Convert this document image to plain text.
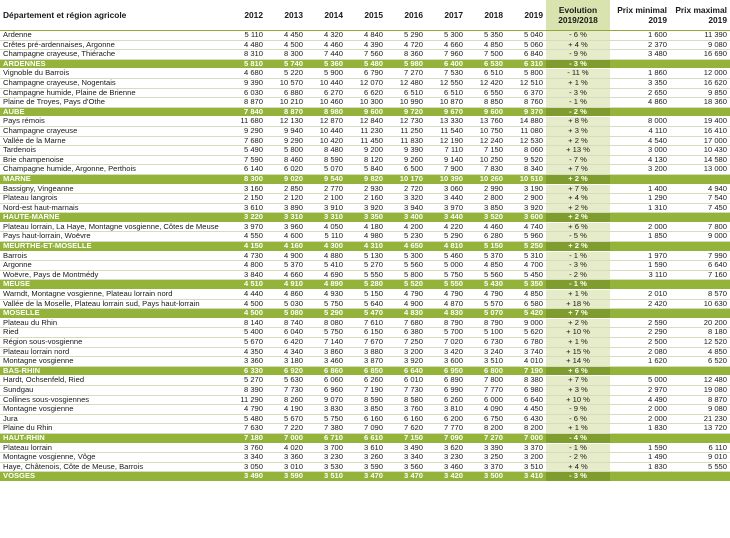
Département et région agricole	2012	2013	2014	2015	2016	2017	2018	2019	Evolution 2019/2018	Prix minimal 2019	Prix maximal 2019
Ardenne	5 110	4 450	4 320	4 840	5 290	5 300	5 350	5 040	- 6 %	1 600	11 390
Crêtes pré-ardennaises, Argonne	4 480	4 500	4 460	4 390	4 720	4 660	4 850	5 060	+ 4 %	2 370	9 080
Champagne crayeuse, Thiérache	8 310	8 300	7 440	7 560	8 360	7 960	7 500	6 840	- 9 %	3 480	16 690
ARDENNES	5 810	5 740	5 360	5 480	5 980	6 400	6 530	6 310	- 3 %		
Vignoble du Barrois	4 680	5 220	5 900	6 790	7 270	7 530	6 510	5 800	- 11 %	1 860	12 000
Champagne crayeuse, Nogentais	9 390	10 570	10 440	12 070	12 480	12 550	12 420	12 510	+ 1 %	3 350	16 620
Champagne humide, Plaine de Brienne	6 030	6 880	6 270	6 620	6 510	6 510	6 550	6 370	- 3 %	2 650	9 850
Plaine de Troyes, Pays d'Othe	8 870	10 210	10 460	10 300	10 990	10 870	8 850	8 760	- 1 %	4 860	18 360
AUBE	7 840	8 870	8 980	9 600	9 720	9 670	9 600	9 370	- 2 %		
Pays rémois	11 680	12 130	12 870	12 840	12 730	13 330	13 760	14 880	+ 8 %	8 000	19 400
Champagne crayeuse	9 290	9 940	10 440	11 230	11 250	11 540	10 750	11 080	+ 3 %	4 110	16 410
Vallée de la Marne	7 680	9 290	10 420	11 450	11 830	12 190	12 240	12 530	+ 2 %	4 540	17 000
Tardenois	5 490	5 800	8 480	9 200	9 390	7 110	7 150	8 060	+ 13 %	3 000	10 430
Brie champenoise	7 590	8 460	8 590	8 120	9 260	9 140	10 250	9 520	- 7 %	4 130	14 580
Champagne humide, Argonne, Perthois	6 140	6 020	5 070	5 840	6 500	7 900	7 830	8 340	+ 7 %	3 200	13 000
MARNE	8 300	9 020	9 540	9 820	10 170	10 390	10 260	10 510	+ 2 %		
Bassigny, Vingeanne	3 160	2 850	2 770	2 930	2 720	3 060	2 990	3 190	+ 7 %	1 400	4 940
Plateau langrois	2 150	2 120	2 100	2 160	3 320	3 440	2 800	2 900	+ 4 %	1 290	7 540
Nord-est haut-marnais	3 610	3 890	3 910	3 920	3 940	3 970	3 850	3 920	+ 2 %	1 310	7 450
HAUTE-MARNE	3 220	3 310	3 310	3 350	3 400	3 440	3 520	3 600	+ 2 %		
Plateau lorrain, La Haye, Montagne vosgienne, Côtes de Meuse	3 970	3 960	4 050	4 180	4 200	4 220	4 460	4 740	+ 6 %	2 000	7 800
Pays haut-lorrain, Woëvre	4 550	4 600	5 110	4 980	5 230	5 290	6 280	5 960	- 5 %	1 850	9 000
MEURTHE-ET-MOSELLE	4 150	4 160	4 300	4 310	4 650	4 810	5 150	5 250	+ 2 %		
Barrois	4 730	4 900	4 880	5 130	5 300	5 460	5 370	5 310	- 1 %	1 970	7 990
Argonne	4 800	5 370	5 410	5 270	5 560	5 000	4 850	4 700	- 3 %	1 590	6 640
Woëvre, Pays de Montmédy	3 840	4 660	4 690	5 550	5 800	5 750	5 560	5 450	- 2 %	3 110	7 160
MEUSE	4 510	4 910	4 890	5 280	5 520	5 550	5 430	5 350	- 1 %		
Warndt, Montagne vosgienne, Plateau lorrain nord	4 440	4 860	4 930	5 150	4 790	4 790	4 790	4 850	+ 1 %	2 010	8 570
Vallée de la Moselle, Plateau lorrain sud, Pays haut-lorrain	4 500	5 030	5 750	5 640	4 900	4 870	5 570	6 580	+ 18 %	2 420	10 630
MOSELLE	4 500	5 080	5 290	5 470	4 830	4 830	5 070	5 420	+ 7 %		
Plateau du Rhin	8 140	8 740	8 080	7 610	7 680	8 790	8 790	9 000	+ 2 %	2 590	20 200
Ried	5 400	6 040	5 750	6 150	6 380	5 700	5 100	5 620	+ 10 %	2 290	8 180
Région sous-vosgienne	5 670	6 420	7 140	7 670	7 250	7 020	6 730	6 780	+ 1 %	2 500	12 520
Plateau lorrain nord	4 350	4 340	3 860	3 880	3 200	3 420	3 240	3 740	+ 15 %	2 080	4 850
Montagne vosgienne	3 360	3 180	3 460	3 870	3 920	3 600	3 510	4 010	+ 14 %	1 620	6 520
BAS-RHIN	6 330	6 920	6 860	6 850	6 640	6 950	6 800	7 190	+ 6 %		
Hardt, Ochsenfeld, Ried	5 270	5 630	6 060	6 260	6 010	6 890	7 800	8 380	+ 7 %	5 000	12 480
Sundgau	8 390	7 730	6 960	7 190	7 730	6 990	7 770	6 980	+ 3 %	2 970	19 080
Collines sous-vosgiennes	11 290	8 260	9 070	8 590	8 580	6 260	6 000	6 640	+ 10 %	4 490	8 870
Montagne vosgienne	4 790	4 190	3 830	3 850	3 760	3 810	4 090	4 450	- 9 %	2 000	9 080
Jura	5 480	5 670	5 750	6 160	6 160	6 200	6 750	6 430	- 6 %	2 000	21 230
Plaine du Rhin	7 630	7 220	7 380	7 090	7 620	7 770	8 200	8 200	+ 1 %	1 830	13 720
HAUT-RHIN	7 180	7 000	6 710	6 610	7 150	7 090	7 270	7 000	- 4 %		
Plateau lorrain	3 760	4 020	3 700	3 610	3 490	3 620	3 390	3 370	- 1 %	1 590	6 110
Montagne vosgienne, Vôge	3 340	3 360	3 230	3 260	3 340	3 230	3 250	3 200	- 2 %	1 490	9 010
Haye, Châtenois, Côte de Meuse, Barrois	3 050	3 010	3 530	3 590	3 560	3 460	3 370	3 510	+ 4 %	1 830	5 550
VOSGES	3 490	3 590	3 510	3 470	3 470	3 420	3 500	3 410	- 3 %		
